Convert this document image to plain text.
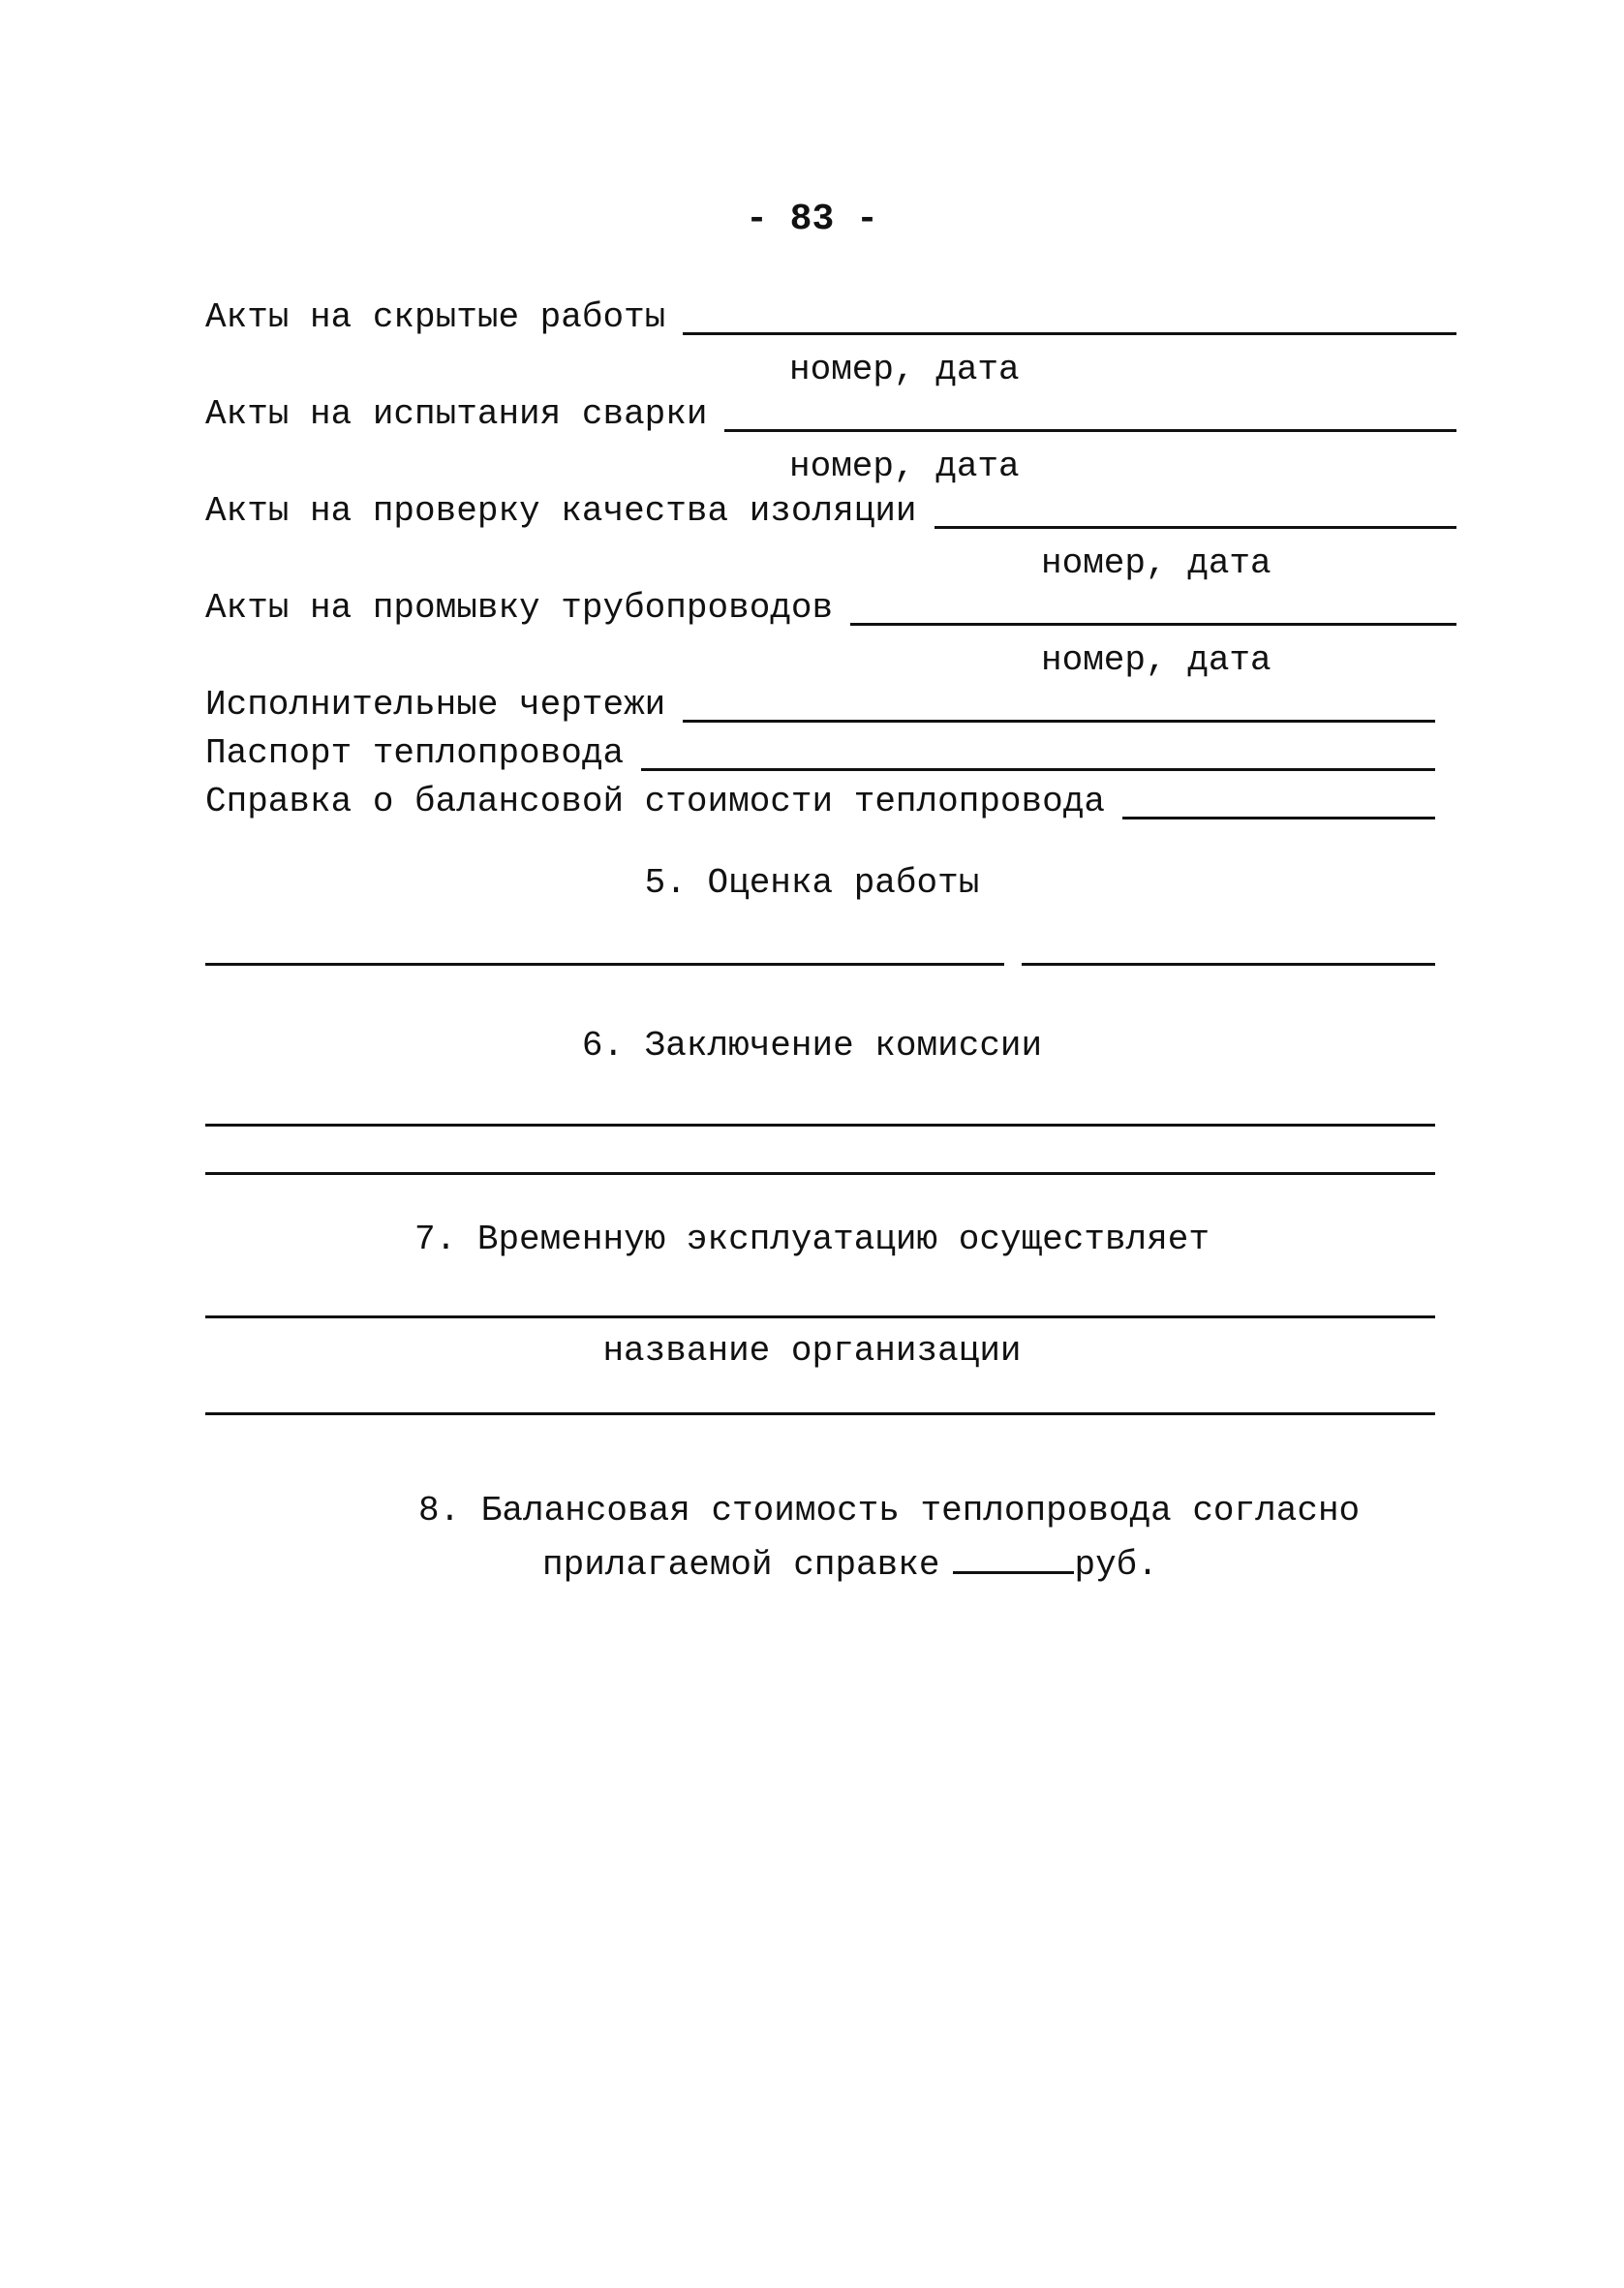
- 83 -
Акты на скрытые работы
номер, дата
Акты на испытания сварки
номер, дата
Акты на проверку качества изоляции
номер, дата
Акты на промывку трубопроводов
номер, дата
Исполнительные чертежи
Паспорт теплопровода
Справка о балансовой стоимости теплопровода
5. Оценка работы
6. Заключение комиссии
7. Временную эксплуатацию осуществляет
название организации
8. Балансовая стоимость теплопровода согласно
прилагаемой справке	руб.
